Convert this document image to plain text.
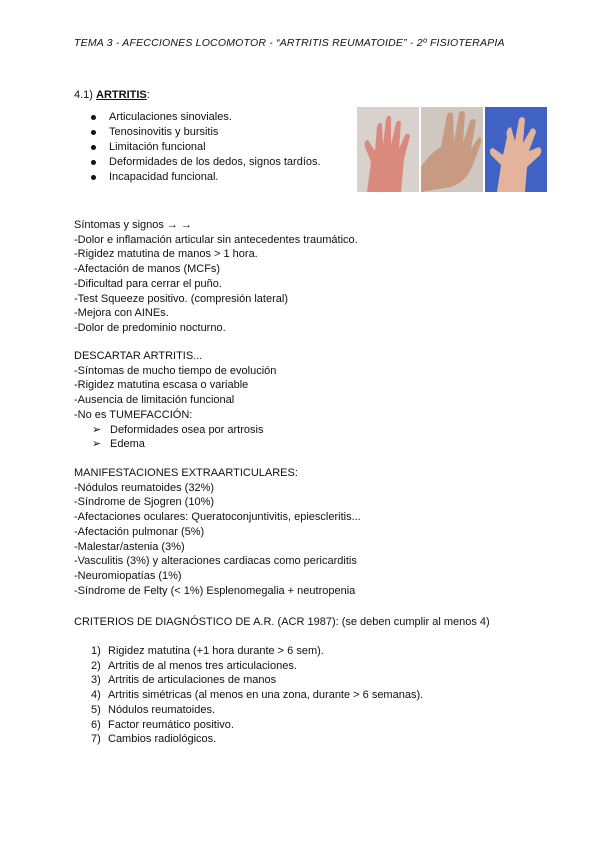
TEMA 3 - AFECCIONES LOCOMOTOR - “ARTRITIS REUMATOIDE” - 2º FISIOTERAPIA
4.1) ARTRITIS:
Articulaciones sinoviales.
Tenosinovitis y bursitis
Limitación funcional
Deformidades de los dedos, signos tardíos.
Incapacidad funcional.

Síntomas y signos → →

-Dolor e inflamación articular sin antecedentes traumático.

-Rigidez matutina de manos > 1 hora.

-Afectación de manos (MCFs)

-Dificultad para cerrar el puño.

-Test Squeeze positivo. (compresión lateral)

-Mejora con AINEs.

-Dolor de predominio nocturno.

DESCARTAR ARTRITIS...

-Síntomas de mucho tiempo de evolución

-Rigidez matutina escasa o variable

-Ausencia de limitación funcional

-No es TUMEFACCIÓN:

➢ Deformidades osea por artrosis
➢ Edema

MANIFESTACIONES EXTRAARTICULARES:

-Nódulos reumatoides (32%)

-Síndrome de Sjogren (10%)

-Afectaciones oculares: Queratoconjuntivitis, epiescleritis...

-Afectación pulmonar (5%)

-Malestar/astenia (3%)

-Vasculitis (3%) y alteraciones cardiacas como pericarditis

-Neuromiopatías (1%)

-Síndrome de Felty (< 1%) Esplenomegalia + neutropenia

CRITERIOS DE DIAGNÓSTICO DE A.R. (ACR 1987): (se deben cumplir al menos 4)
1) Rigidez matutina (+1 hora durante > 6 sem).
2) Artritis de al menos tres articulaciones.
3) Artritis de articulaciones de manos
4) Artritis simétricas (al menos en una zona, durante > 6 semanas).
5) Nódulos reumatoides.
6) Factor reumático positivo.
7) Cambios radiológicos.
